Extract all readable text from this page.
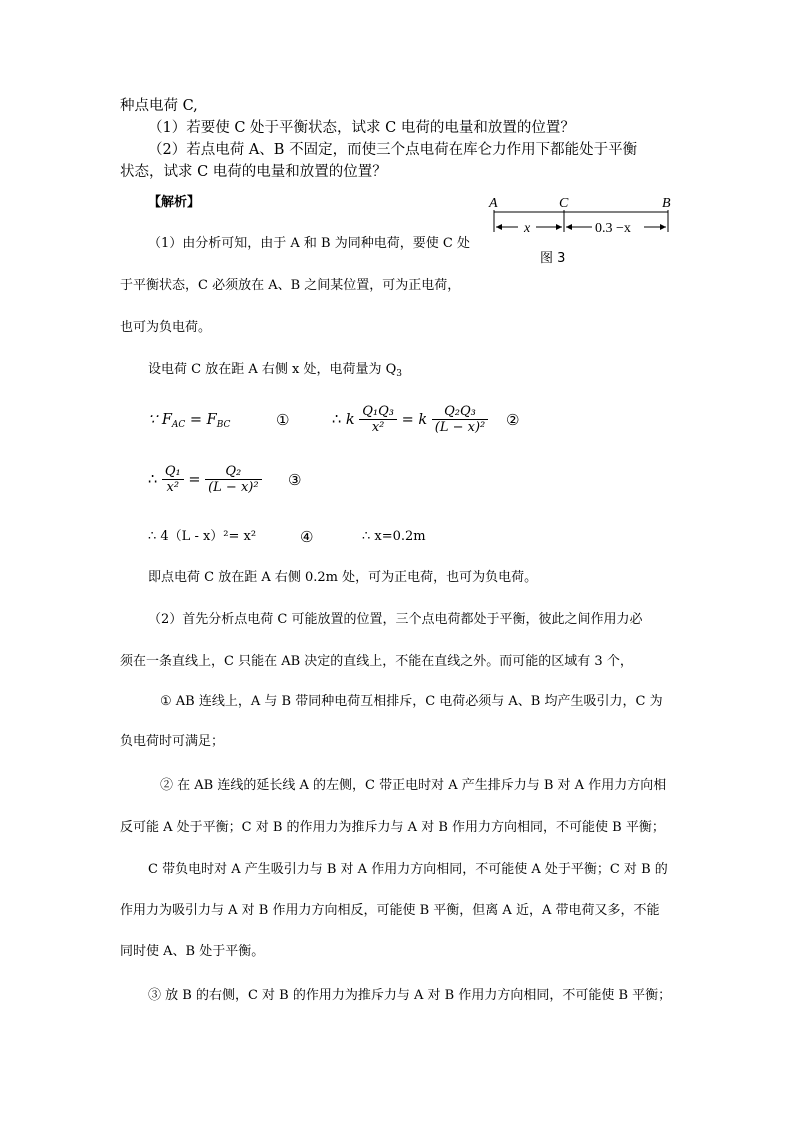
种点电荷 C,
（1）若要使 C 处于平衡状态，试求 C 电荷的电量和放置的位置？
（2）若点电荷 A、B 不固定，而使三个点电荷在库仑力作用下都能处于平衡
状态，试求 C 电荷的电量和放置的位置？
A	C	B
x	0.3 −x
图 3
【解析】
（1）由分析可知，由于 A 和 B 为同种电荷，要使 C 处
于平衡状态，C 必须放在 A、B 之间某位置，可为正电荷，
也可为负电荷。
设电荷 C 放在距 A 右侧 x 处，电荷量为 $Q_3$
∵ $F_{AC} = F_{BC}$	①	∴ k $\frac{\text{Q₁Q₃}}{\text{x²}} = k \frac{\text{Q₂Q₃}}{\text{(L − x)²}}$ ②
∴ $\frac{\text{Q₁}}{\text{x²}} = \frac{\text{Q₂}}{\text{(L − x)²}}$ ③
∴ 4（L - x）²= x²	④	∴ x=0.2m
即点电荷 C 放在距 A 右侧 0.2m 处，可为正电荷，也可为负电荷。
（2）首先分析点电荷 C 可能放置的位置，三个点电荷都处于平衡，彼此之间作用力必
须在一条直线上，C 只能在 AB 决定的直线上，不能在直线之外。而可能的区域有 3 个，
① AB 连线上，A 与 B 带同种电荷互相排斥，C 电荷必须与 A、B 均产生吸引力，C 为
负电荷时可满足；
② 在 AB 连线的延长线 A 的左侧，C 带正电时对 A 产生排斥力与 B 对 A 作用力方向相
反可能 A 处于平衡；C 对 B 的作用力为推斥力与 A 对 B 作用力方向相同，不可能使 B 平衡；
C 带负电时对 A 产生吸引力与 B 对 A 作用力方向相同，不可能使 A 处于平衡；C 对 B 的
作用力为吸引力与 A 对 B 作用力方向相反，可能使 B 平衡，但离 A 近，A 带电荷又多，不能
同时使 A、B 处于平衡。
③ 放 B 的右侧，C 对 B 的作用力为推斥力与 A 对 B 作用力方向相同，不可能使 B 平衡；
